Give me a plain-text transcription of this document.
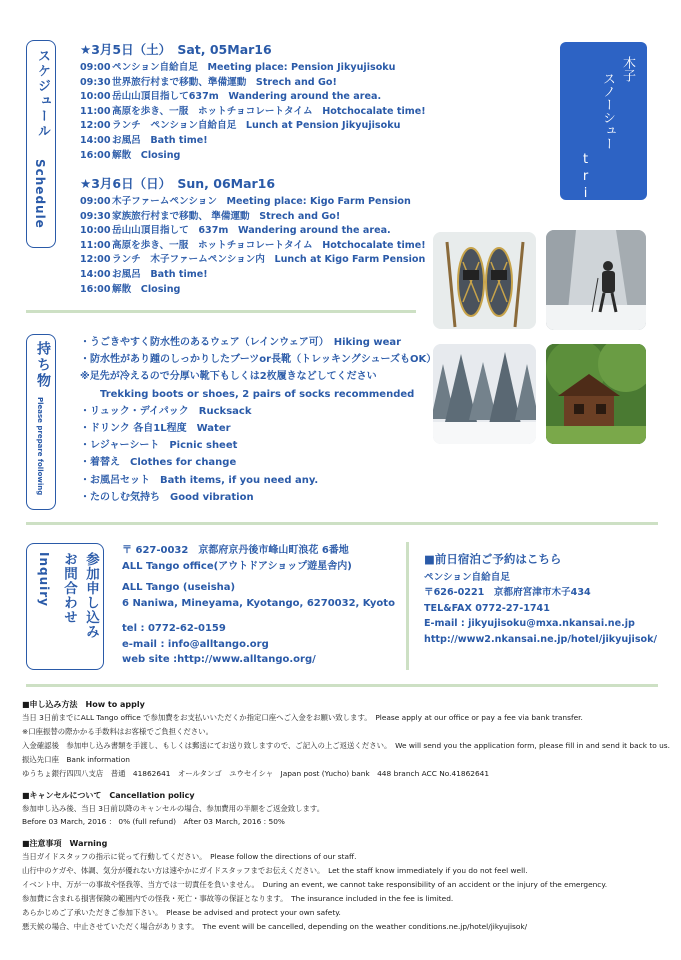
スケジュール
Schedule
★3月5日（土）　Sat, 05Mar16
09:00 ペンション自給自足　Meeting place: Pension Jikyujisoku
09:30 世界旅行村まで移動、準備運動　Strech and Go!
10:00 岳山山頂目指して637m　Wandering around the area.
11:00 高原を歩き、一服　ホットチョコレートタイム　Hotchocalate time!
12:00 ランチ　ペンション自給自足　Lunch at Pension Jikyujisoku
14:00 お風呂　Bath time!
16:00 解散　Closing
★3月6日（日）　Sun, 06Mar16
09:00 木子ファームペンション　Meeting place: Kigo Farm Pension
09:30 家族旅行村まで移動、 準備運動　Strech and Go!
10:00 岳山山頂目指して　637m　Wandering around the area.
11:00 高原を歩き、一服　ホットチョコレートタイム　Hotchocalate time!
12:00 ランチ　木子ファームペンション内　Lunch at Kigo Farm Pension
14:00 お風呂　Bath time!
16:00 解散　Closing
木子
スノーシュー
trip
持ち物
Please prepare following
・うごきやすく防水性のあるウェア（レインウェア可）　Hiking wear
・防水性があり踵のしっかりしたブーツor長靴（トレッキングシューズもOK）
※足先が冷えるので分厚い靴下もしくは2枚履きなどしてください
Trekking boots or shoes, 2 pairs of socks recommended
・リュック・デイパック　Rucksack
・ドリンク 各自1L程度　Water
・レジャーシート　Picnic sheet
・着替え　Clothes for change
・お風呂セット　Bath items, if you need any.
・たのしむ気持ち　Good vibration
参加申し込み
お問合わせ
Inquiry
〒 627-0032　京都府京丹後市峰山町浪花 6番地
ALL Tango office(アウトドアショップ遊星舎内)
ALL Tango (useisha)
6 Naniwa, Mineyama, Kyotango, 6270032, Kyoto
tel : 0772-62-0159
e-mail : info@alltango.org
web site :http://www.alltango.org/
■前日宿泊ご予約はこちら
ペンション自給自足
〒626-0221　京都府宮津市木子434
TEL&FAX 0772-27-1741
E-mail : jikyujisoku@mxa.nkansai.ne.jp
http://www2.nkansai.ne.jp/hotel/jikyujisok/
■申し込み方法　How to apply
当日 3日前までにALL Tango office で参加費をお支払いいただくか指定口座へご入金をお願い致します。　Please apply at our office or pay a fee via bank transfer.
※口座振替の際かかる手数料はお客様でご負担ください。
入金確認後　参加申し込み書類を手渡し、もしくは郵送にてお送り致しますので、ご記入の上ご返送ください。　We will send you the application form, please fill in and send it back to us.
振込先口座　Bank information
ゆうちょ銀行四四八支店　普通　41862641　オールタンゴ　ユウセイシャ　Japan post (Yucho) bank　448 branch ACC No.41862641
■キャンセルについて　Cancellation policy
参加申し込み後、当日 3日前以降のキャンセルの場合、参加費用の半額をご返金致します。
Before 03 March, 2016 ： 0% (full refund)　After 03 March, 2016 : 50%
■注意事項　Warning
当日ガイドスタッフの指示に従って行動してください。　Please follow the directions of our staff.
山行中のケガや、体調、気分が優れない方は速やかにガイドスタッフまでお伝えください。　Let the staff know immediately if you do not feel well.
イベント中、万が一の事故や怪我等、当方では一切責任を負いません。　During an event, we cannot take responsibility of an accident or the injury of the emergency.
参加費に含まれる損害保険の範囲内での怪我・死亡・事故等の保証となります。　The insurance included in the fee is limited.
あらかじめご了承いただきご参加下さい。　Please be advised and protect your own safety.
悪天候の場合、中止させていただく場合があります。　The event will be cancelled, depending on the weather conditions.ne.jp/hotel/jikyujisok/
